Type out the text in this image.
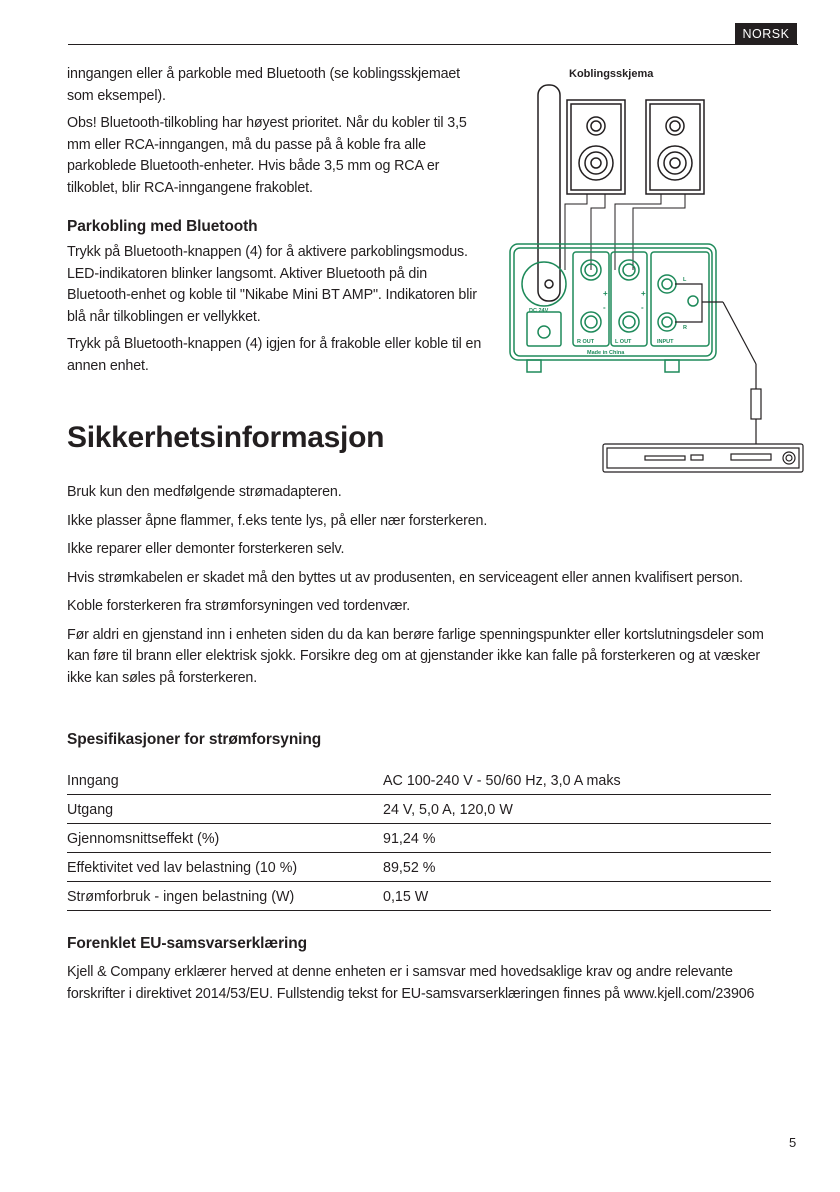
NORSK

inngangen eller å parkoble med Bluetooth (se koblingsskjemaet som eksempel).

Obs! Bluetooth-tilkobling har høyest prioritet. Når du kobler til 3,5 mm eller RCA-inngangen, må du passe på å koble fra alle parkoblede Bluetooth-enheter. Hvis både 3,5 mm og RCA er tilkoblet, blir RCA-inngangene frakoblet.

Parkobling med Bluetooth

Trykk på Bluetooth-knappen (4) for å aktivere parkoblingsmodus. LED-indikatoren blinker langsomt. Aktiver Bluetooth på din Bluetooth-enhet og koble til "Nikabe Mini BT AMP". Indikatoren blir blå når tilkoblingen er vellykket.

Trykk på Bluetooth-knappen (4) igjen for å frakoble eller koble til en annen enhet.

Koblingsskjema
DC 24V
R OUT	L OUT	INPUT
Made in China
+	+
-	-
L
R
Sikkerhetsinformasjon

Bruk kun den medfølgende strømadapteren.

Ikke plasser åpne flammer, f.eks tente lys, på eller nær forsterkeren.

Ikke reparer eller demonter forsterkeren selv.

Hvis strømkabelen er skadet må den byttes ut av produsenten, en serviceagent eller annen kvalifisert person.

Koble forsterkeren fra strømforsyningen ved tordenvær.

Før aldri en gjenstand inn i enheten siden du da kan berøre farlige spenningspunkter eller kortslutningsdeler som kan føre til brann eller elektrisk sjokk. Forsikre deg om at gjenstander ikke kan falle på forsterkeren og at væsker ikke kan søles på forsterkeren.

Spesifikasjoner for strømforsyning
Inngang	AC 100-240 V - 50/60 Hz, 3,0 A maks
Utgang	24 V, 5,0 A, 120,0 W
Gjennomsnittseffekt (%)	91,24 %
Effektivitet ved lav belastning (10 %)	89,52 %
Strømforbruk - ingen belastning (W)	0,15 W
Forenklet EU-samsvarserklæring

Kjell & Company erklærer herved at denne enheten er i samsvar med hovedsaklige krav og andre relevante forskrifter i direktivet 2014/53/EU. Fullstendig tekst for EU-samsvarserklæringen finnes på www.kjell.com/23906

5
